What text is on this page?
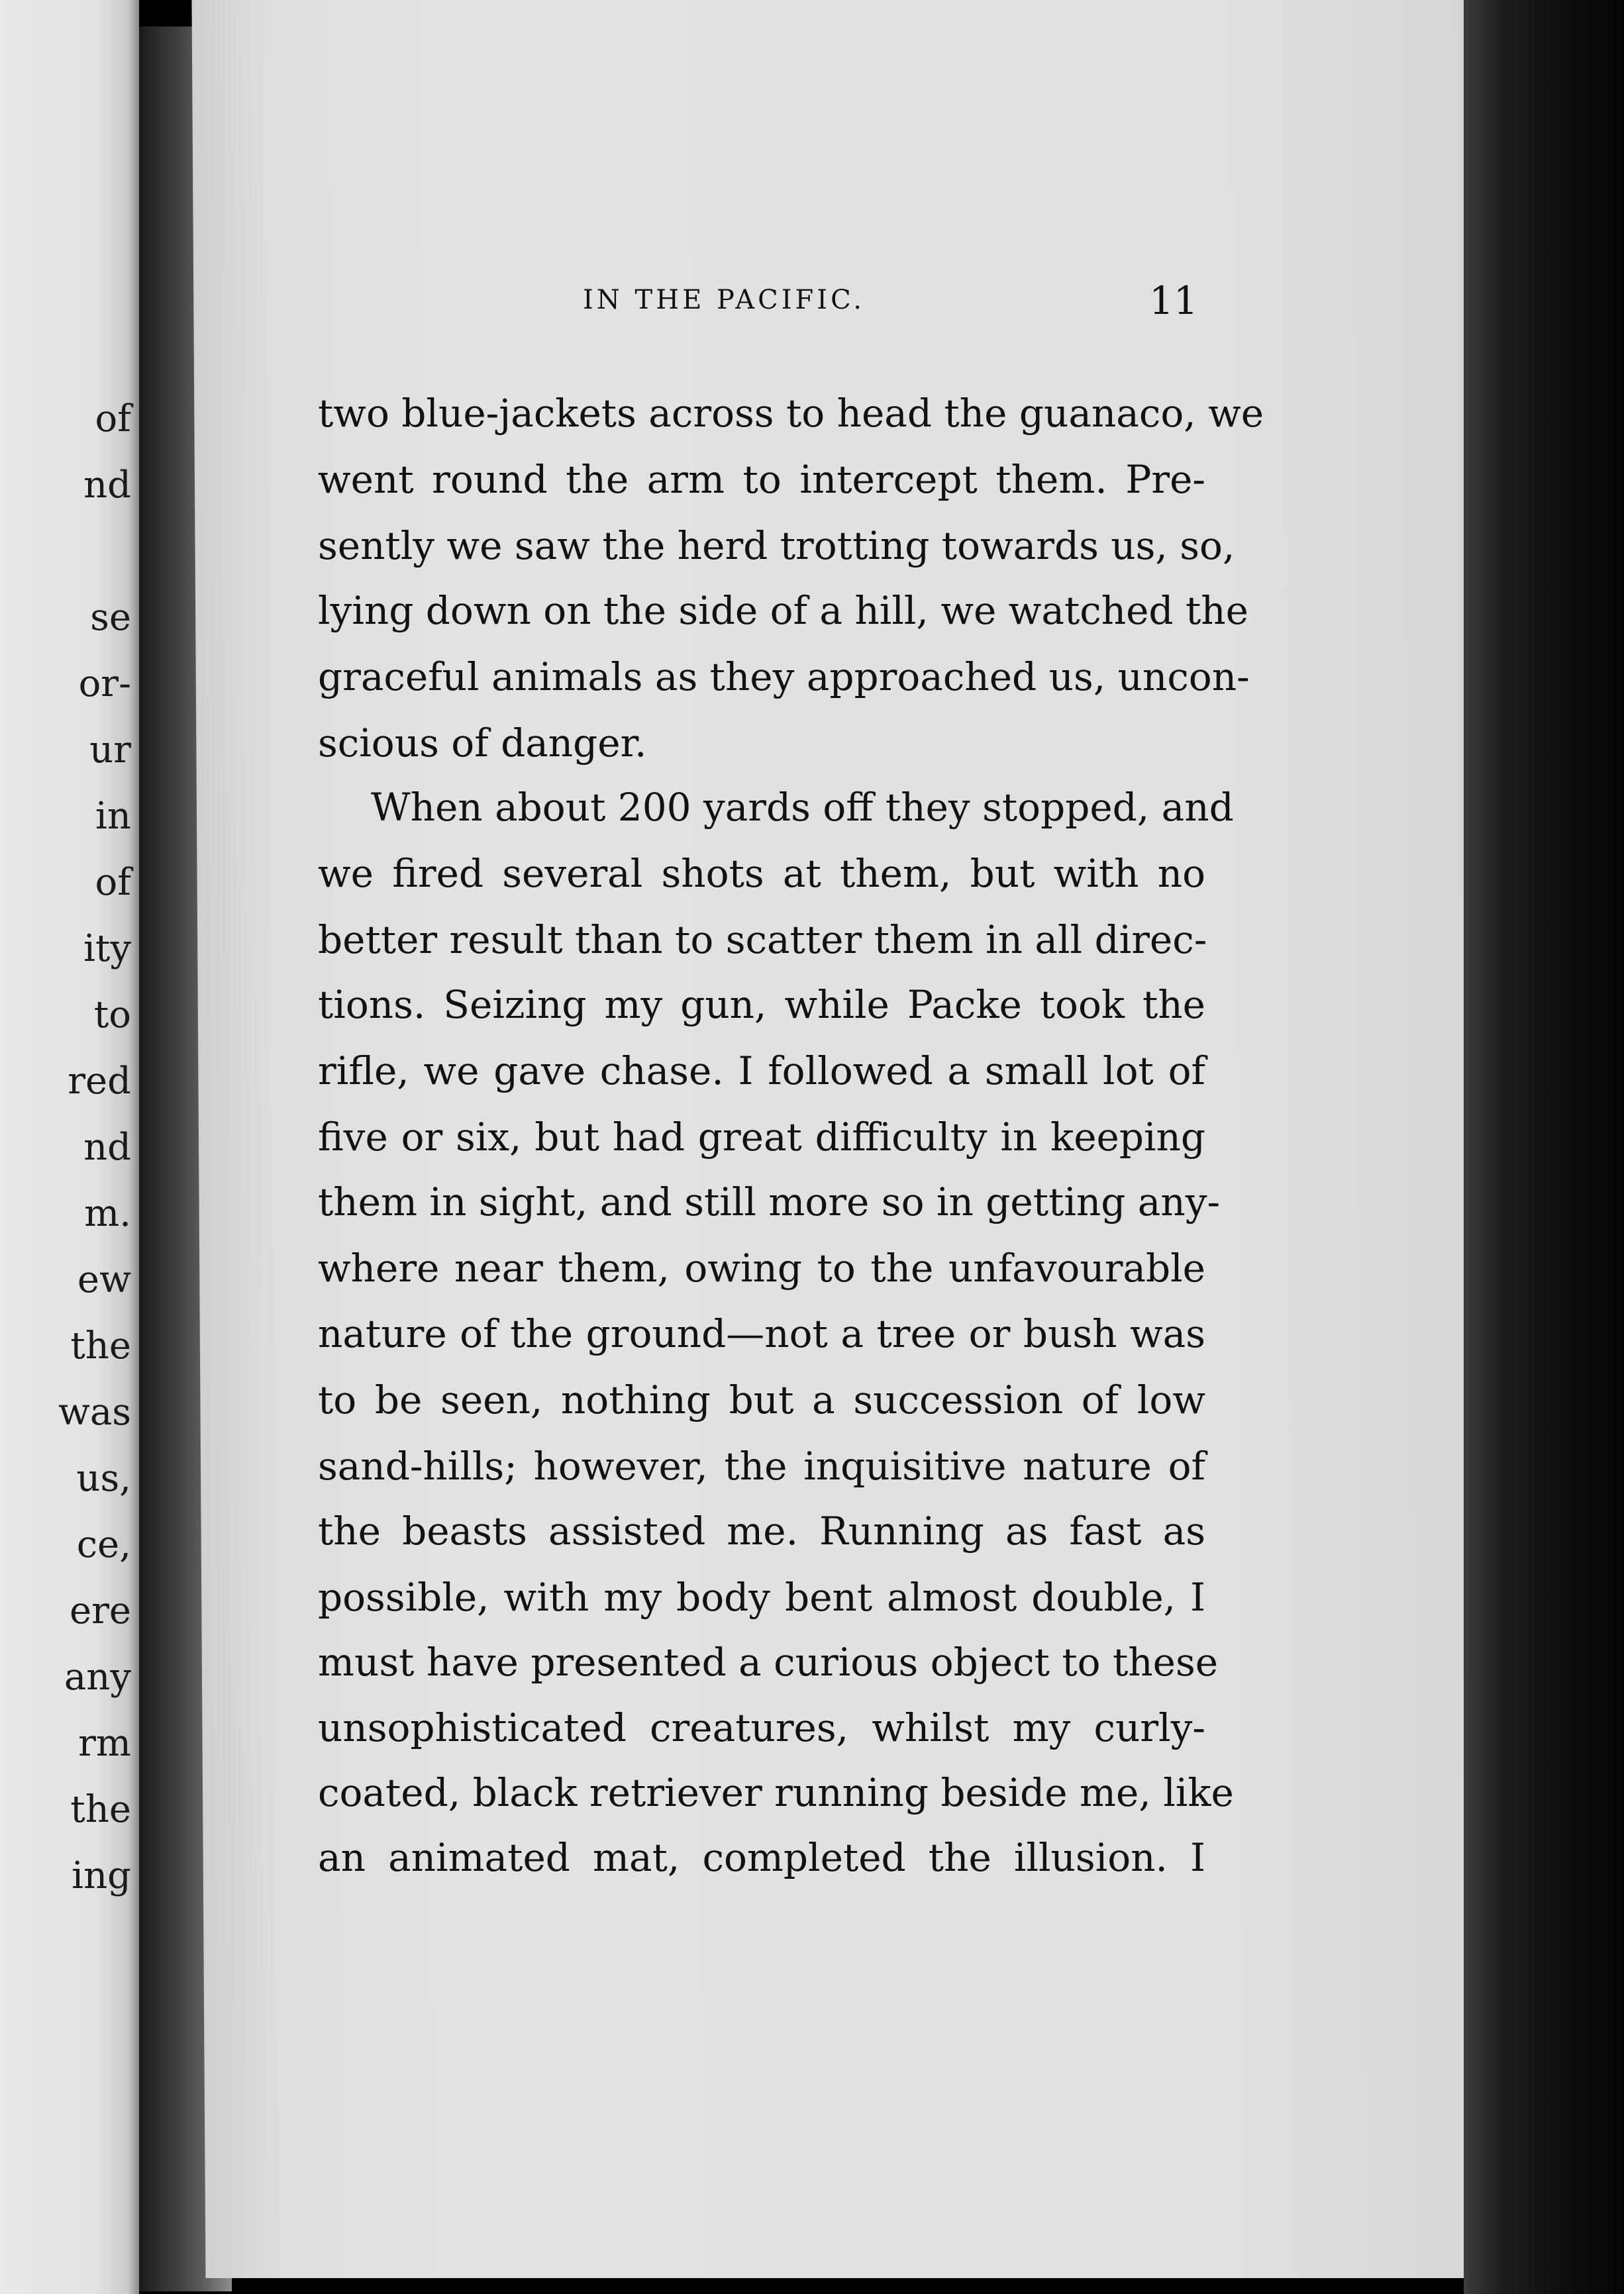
of
nd
se
or-
ur
in
of
ity
to
red
nd
m.
ew
the
was
us,
ce,
ere
any
rm
the
ing
IN THE PACIFIC.	11
two blue-jackets across to head the guanaco, we
went round the arm to intercept them. Pre-
sently we saw the herd trotting towards us, so,
lying down on the side of a hill, we watched the
graceful animals as they approached us, uncon-
scious of danger.
When about 200 yards off they stopped, and
we fired several shots at them, but with no
better result than to scatter them in all direc-
tions. Seizing my gun, while Packe took the
rifle, we gave chase. I followed a small lot of
five or six, but had great difficulty in keeping
them in sight, and still more so in getting any-
where near them, owing to the unfavourable
nature of the ground—not a tree or bush was
to be seen, nothing but a succession of low
sand-hills; however, the inquisitive nature of
the beasts assisted me. Running as fast as
possible, with my body bent almost double, I
must have presented a curious object to these
unsophisticated creatures, whilst my curly-
coated, black retriever running beside me, like
an animated mat, completed the illusion. I
